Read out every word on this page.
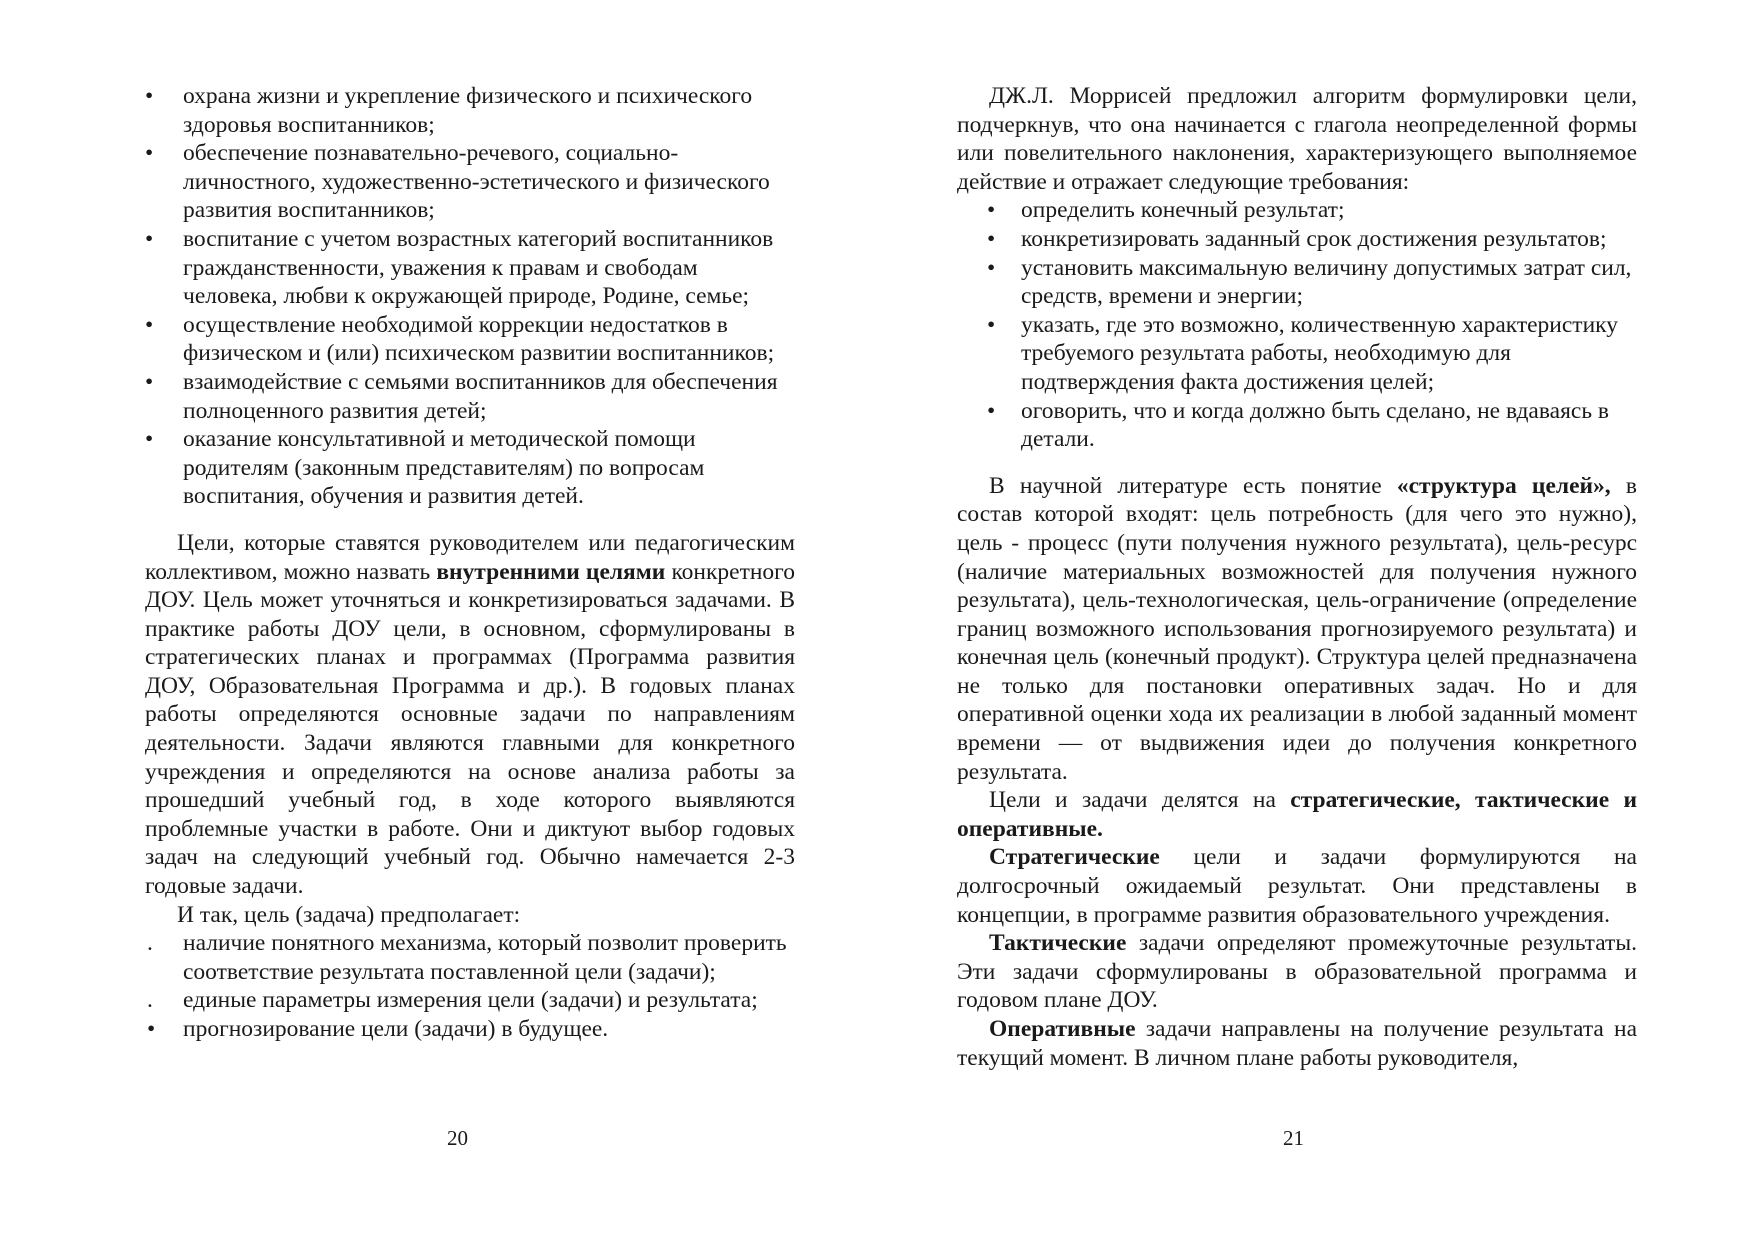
• охрана жизни и укрепление физического и психического здоровья воспитанников;
• обеспечение познавательно-речевого, социально-личностного, художественно-эстетического и физического развития воспитанников;
• воспитание с учетом возрастных категорий воспитанников гражданственности, уважения к правам и свободам человека, любви к окружающей природе, Родине, семье;
• осуществление необходимой коррекции недостатков в физическом и (или) психическом развитии воспитанников;
• взаимодействие с семьями воспитанников для обеспечения полноценного развития детей;
• оказание консультативной и методической помощи родителям (законным представителям) по вопросам воспитания, обучения и развития детей.

Цели, которые ставятся руководителем или педагогическим коллективом, можно назвать внутренними целями конкретного ДОУ. Цель может уточняться и конкретизироваться задачами. В практике работы ДОУ цели, в основном, сформулированы в стратегических планах и программах (Программа развития ДОУ, Образовательная Программа и др.). В годовых планах работы определяются основные задачи по направлениям деятельности. Задачи являются главными для конкретного учреждения и определяются на основе анализа работы за прошедший учебный год, в ходе которого выявляются проблемные участки в работе. Они и диктуют выбор годовых задач на следующий учебный год. Обычно намечается 2-3 годовые задачи.

И так, цель (задача) предполагает:

. наличие понятного механизма, который позволит проверить соответствие результата поставленной цели (задачи);
. единые параметры измерения цели (задачи) и результата;
• прогнозирование цели (задачи) в будущее.
20

ДЖ.Л. Моррисей предложил алгоритм формулировки цели, подчеркнув, что она начинается с глагола неопределенной формы или повелительного наклонения, характеризующего выполняемое действие и отражает следующие требования:

• определить конечный результат;
• конкретизировать заданный срок достижения результатов;
• установить максимальную величину допустимых затрат сил, средств, времени и энергии;
• указать, где это возможно, количественную характеристику требуемого результата работы, необходимую для подтверждения факта достижения целей;
• оговорить, что и когда должно быть сделано, не вдаваясь в детали.

В научной литературе есть понятие «структура целей», в состав которой входят: цель потребность (для чего это нужно), цель - процесс (пути получения нужного результата), цель-ресурс (наличие материальных возможностей для получения нужного результата), цель-технологическая, цель-ограничение (определение границ возможного использования прогнозируемого результата) и конечная цель (конечный продукт). Структура целей предназначена не только для постановки оперативных задач. Но и для оперативной оценки хода их реализации в любой заданный момент времени — от выдвижения идеи до получения конкретного результата.

Цели и задачи делятся на стратегические, тактические и оперативные.

Стратегические цели и задачи формулируются на долгосрочный ожидаемый результат. Они представлены в концепции, в программе развития образовательного учреждения.

Тактические задачи определяют промежуточные результаты. Эти задачи сформулированы в образовательной программа и годовом плане ДОУ.

Оперативные задачи направлены на получение результата на текущий момент. В личном плане работы руководителя,

21
